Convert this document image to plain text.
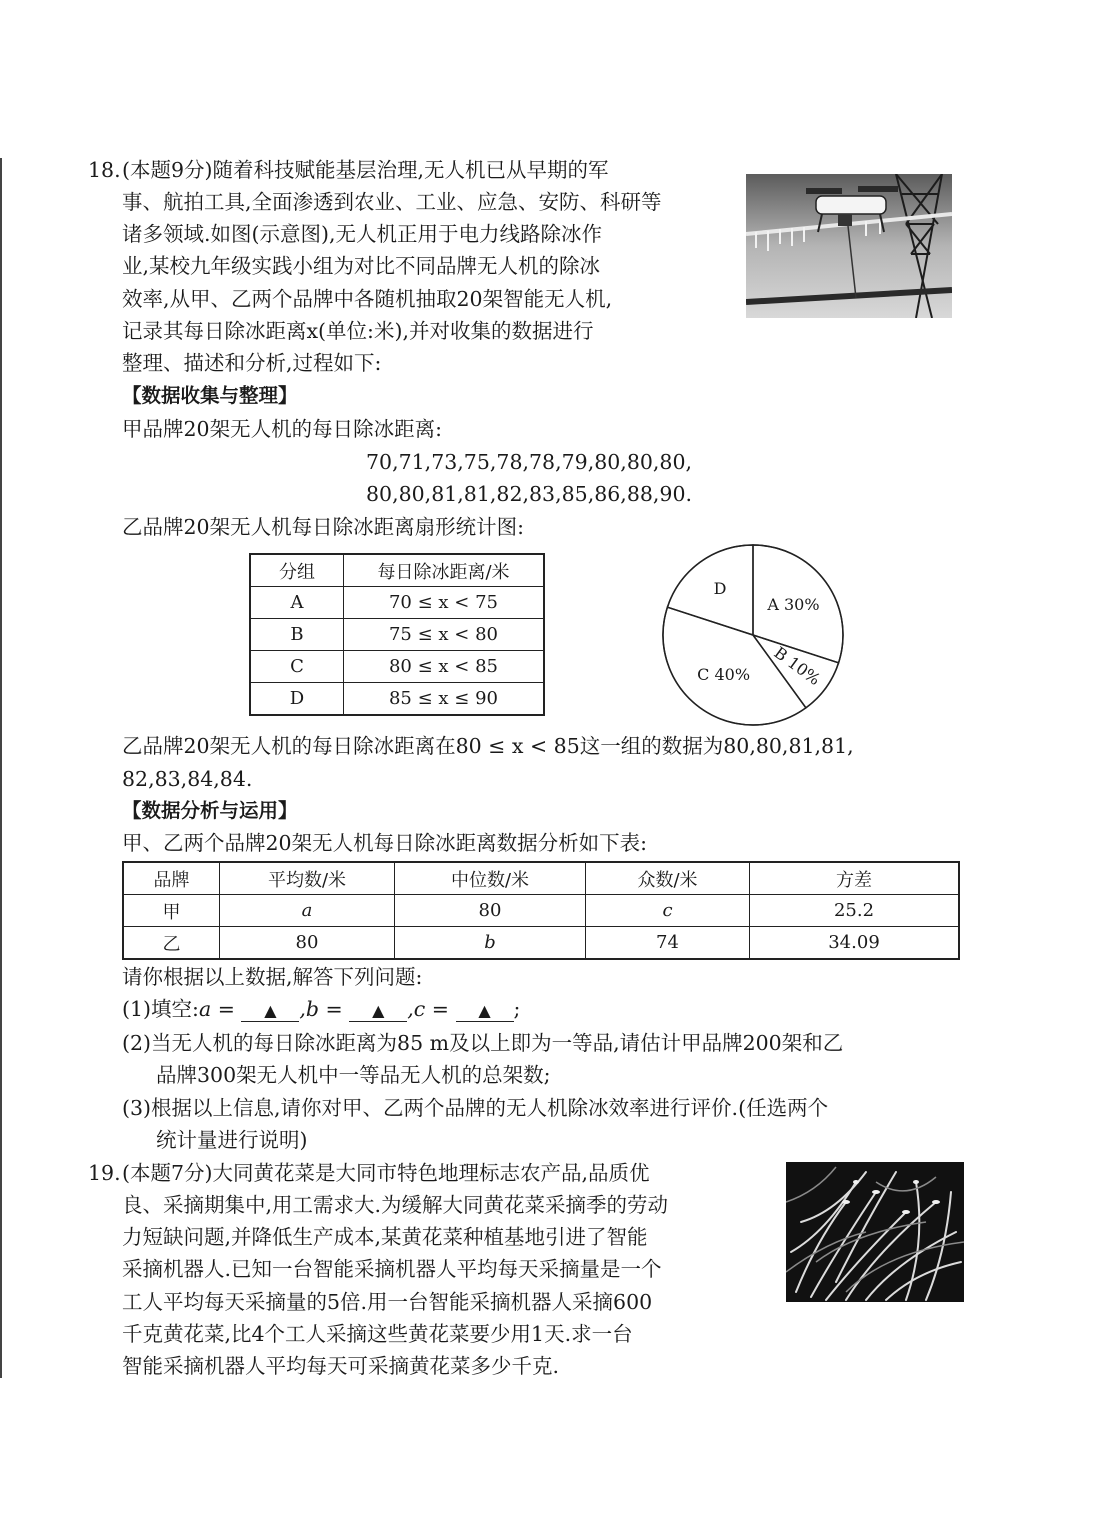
18. (本题9分)随着科技赋能基层治理,无人机已从早期的军
事、航拍工具,全面渗透到农业、工业、应急、安防、科研等
诸多领域.如图(示意图),无人机正用于电力线路除冰作
业,某校九年级实践小组为对比不同品牌无人机的除冰
效率,从甲、乙两个品牌中各随机抽取20架智能无人机,
记录其每日除冰距离x(单位:米),并对收集的数据进行
整理、描述和分析,过程如下:
【数据收集与整理】
甲品牌20架无人机的每日除冰距离:
70,71,73,75,78,78,79,80,80,80,
80,80,81,81,82,83,85,86,88,90.
乙品牌20架无人机每日除冰距离扇形统计图:
分组	每日除冰距离/米
A	70 ≤ x < 75
B	75 ≤ x < 80
C	80 ≤ x < 85
D	85 ≤ x ≤ 90
A 30%
B 10%
C 40%
D
乙品牌20架无人机的每日除冰距离在80 ≤ x < 85这一组的数据为80,80,81,81,
82,83,84,84.
【数据分析与运用】
甲、乙两个品牌20架无人机每日除冰距离数据分析如下表:
品牌	平均数/米	中位数/米	众数/米	方差
甲	a	80	c	25.2
乙	80	b	74	34.09
请你根据以上数据,解答下列问题:
(1)填空:a = ▲ ,b = ▲ ,c = ▲ ;
(2)当无人机的每日除冰距离为85 m及以上即为一等品,请估计甲品牌200架和乙
品牌300架无人机中一等品无人机的总架数;
(3)根据以上信息,请你对甲、乙两个品牌的无人机除冰效率进行评价.(任选两个
统计量进行说明)
19. (本题7分)大同黄花菜是大同市特色地理标志农产品,品质优
良、采摘期集中,用工需求大.为缓解大同黄花菜采摘季的劳动
力短缺问题,并降低生产成本,某黄花菜种植基地引进了智能
采摘机器人.已知一台智能采摘机器人平均每天采摘量是一个
工人平均每天采摘量的5倍.用一台智能采摘机器人采摘600
千克黄花菜,比4个工人采摘这些黄花菜要少用1天.求一台
智能采摘机器人平均每天可采摘黄花菜多少千克.
